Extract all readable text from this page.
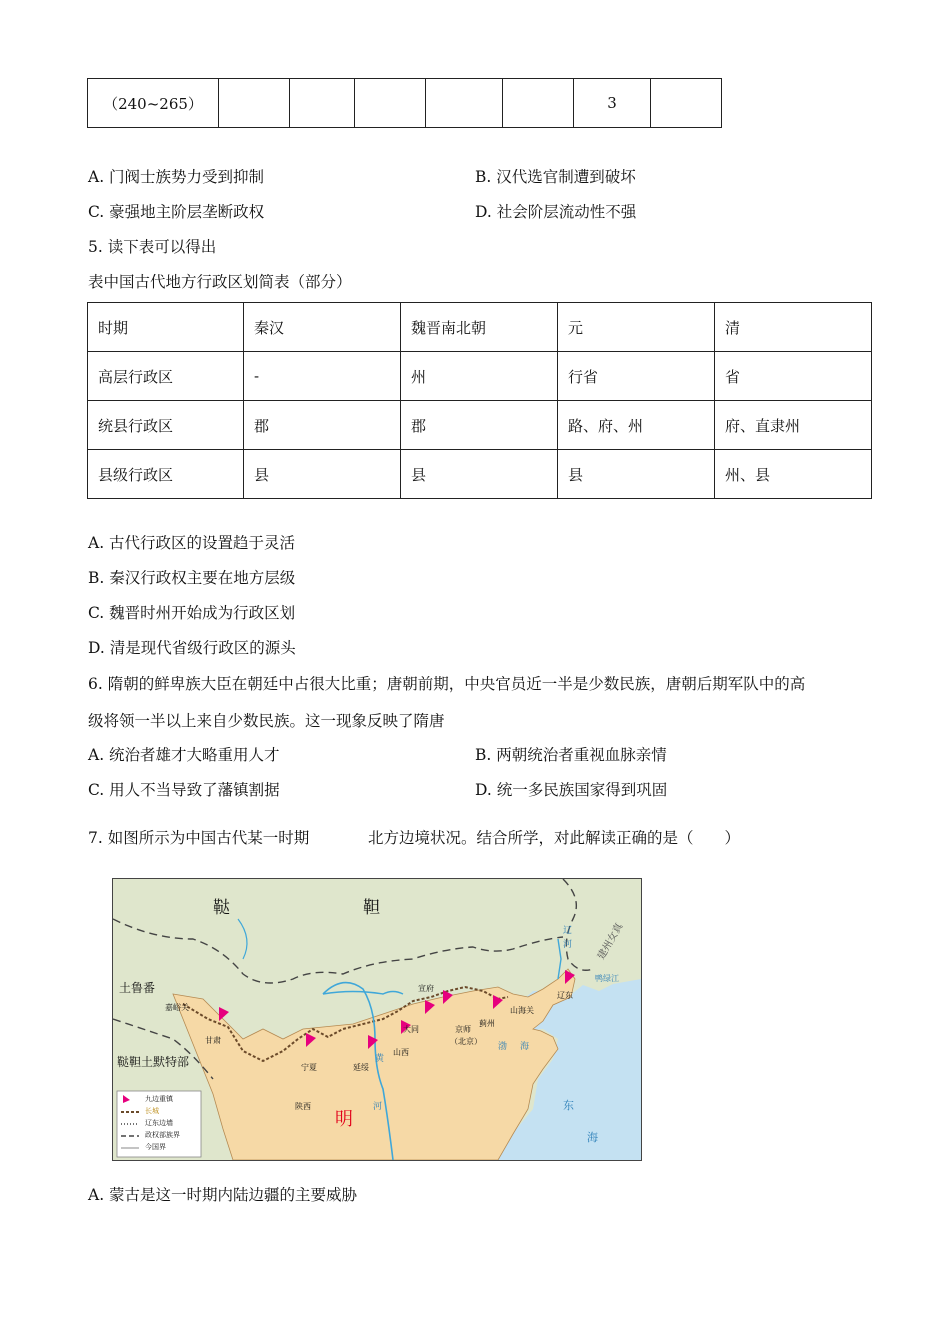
（240~265）						3	
A. 门阀士族势力受到抑制	B. 汉代选官制遭到破坏
C. 豪强地主阶层垄断政权	D. 社会阶层流动性不强
5. 读下表可以得出
表中国古代地方行政区划简表（部分）
时期	秦汉	魏晋南北朝	元	清
高层行政区	-	州	行省	省
统县行政区	郡	郡	路、府、州	府、直隶州
县级行政区	县	县	县	州、县
A. 古代行政区的设置趋于灵活
B. 秦汉行政权主要在地方层级
C. 魏晋时州开始成为行政区划
D. 清是现代省级行政区的源头
6. 隋朝的鲜卑族大臣在朝廷中占很大比重；唐朝前期，中央官员近一半是少数民族，唐朝后期军队中的高
级将领一半以上来自少数民族。这一现象反映了隋唐
A. 统治者雄才大略重用人才	B. 两朝统治者重视血脉亲情
C. 用人不当导致了藩镇割据	D. 统一多民族国家得到巩固
7. 如图所示为中国古代某一时期	北方边境状况。结合所学，对此解读正确的是（　　）
鞑	靼
土鲁番
鞑靼土默特部
明
建州女真
辽
河
鸭绿江
嘉峪关
甘肃
宁夏
陕西
延绥
山西
大同
宣府
京师
（北京）
蓟州
山海关
辽东
渤 海
黄
河	东
海
九边重镇
长城
辽东边墙
政权部族界
今国界
A. 蒙古是这一时期内陆边疆的主要威胁
